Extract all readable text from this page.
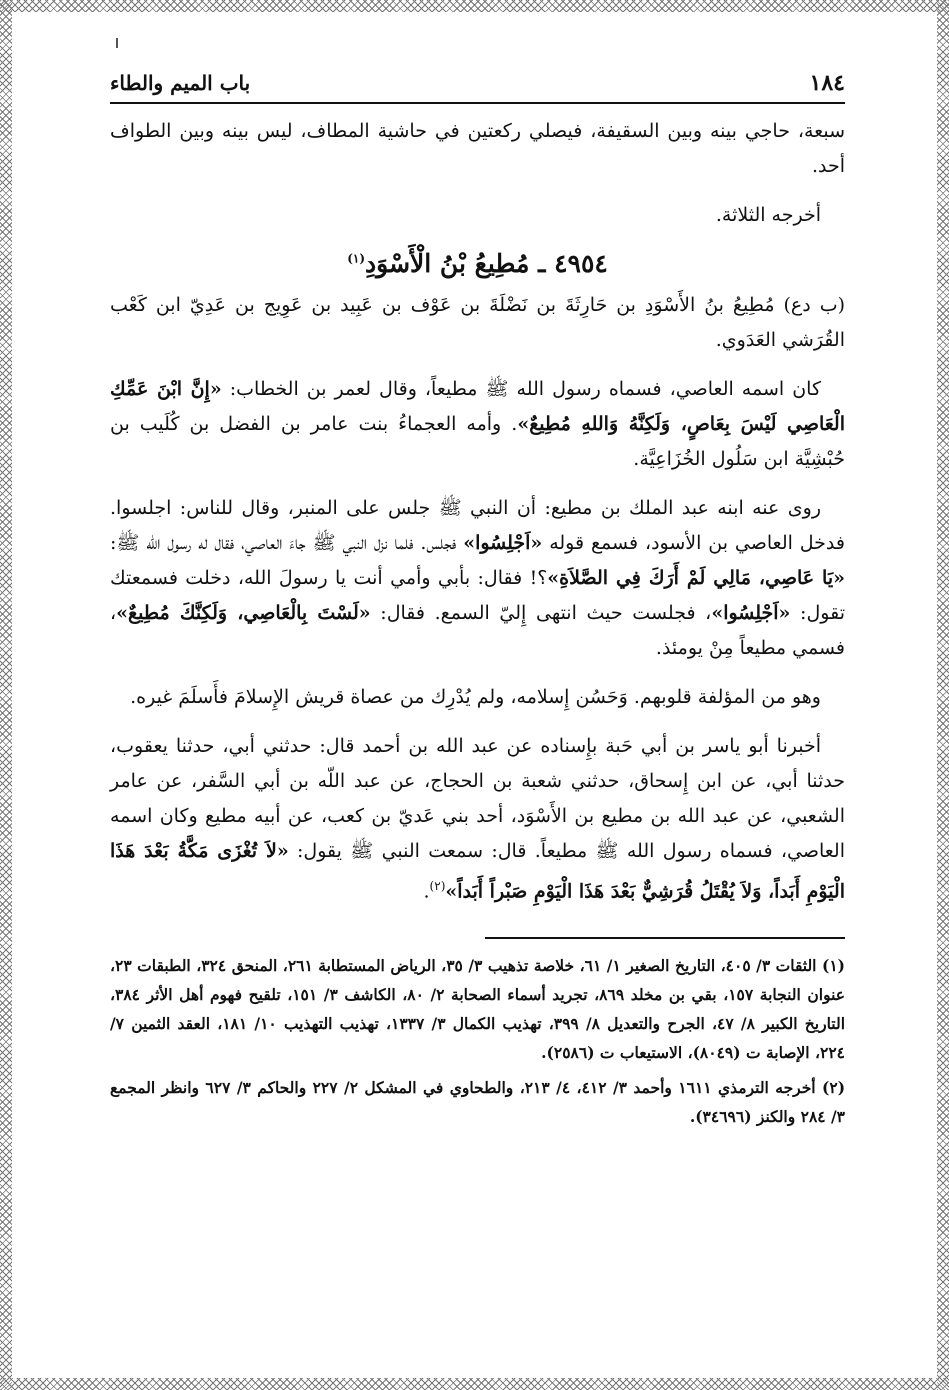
١٨٤
باب الميم والطاء

سبعة، حاجي بينه وبين السقيفة، فيصلي ركعتين في حاشية المطاف، ليس بينه وبين الطواف أحد.

أخرجه الثلاثة.

٤٩٥٤ ـ مُطِيعُ بْنُ الْأَسْوَدِ$^{(١)}$

(ب دع) مُطِيعُ بنُ الأَسْوَدِ بن حَارِثَةَ بن نَضْلَةَ بن عَوْف بن عَبِيد بن عَوِيج بن عَدِيّ ابن كَعْب القُرَشي العَدَوي.

كان اسمه العاصي، فسماه رسول الله ﷺ مطيعاً، وقال لعمر بن الخطاب: «إِنَّ ابْنَ عَمِّكِ الْعَاصِي لَيْسَ بِعَاصٍ، وَلَكِنَّهُ وَاللهِ مُطِيعٌ». وأمه العجماءُ بنت عامر بن الفضل بن كُلَيب بن حُبْشِيَّة ابن سَلُول الخُزَاعِيَّة.

روى عنه ابنه عبد الملك بن مطيع: أن النبي ﷺ جلس على المنبر، وقال للناس: اجلسوا. فدخل العاصي بن الأسود، فسمع قوله «اَجْلِسُوا» فجلس. فلما نزل النبي ﷺ جاءَ العاصي، فقال له رسول الله ﷺ: «يَا عَاصِي، مَالِي لَمْ أَرَكَ فِي الصَّلاَةِ»؟! فقال: بأبي وأمي أنت يا رسولَ الله، دخلت فسمعتك تقول: «اَجْلِسُوا»، فجلست حيث انتهى إِليّ السمع. فقال: «لَسْتَ بِالْعَاصِي، وَلَكِنَّكَ مُطِيعٌ»، فسمي مطيعاً مِنْ يومئذ.

وهو من المؤلفة قلوبهم. وَحَسُن إِسلامه، ولم يُدْرِك من عصاة قريش الإِسلامَ فأَسلَمَ غيره.

أخبرنا أبو ياسر بن أبي حَبة بإِسناده عن عبد الله بن أحمد قال: حدثني أبي، حدثنا يعقوب، حدثنا أبي، عن ابن إِسحاق، حدثني شعبة بن الحجاج، عن عبد اللّه بن أبي السَّفر، عن عامر الشعبي، عن عبد الله بن مطيع بن الأَسْوَد، أحد بني عَديّ بن كعب، عن أبيه مطيع وكان اسمه العاصي، فسماه رسول الله ﷺ مطيعاً. قال: سمعت النبي ﷺ يقول: «لاَ تُغْزَى مَكَّةُ بَعْدَ هَذَا الْيَوْمِ أَبَداً، وَلاَ يُقْتَلُ قُرَشِيٌّ بَعْدَ هَذَا الْيَوْمِ صَبْراً أَبَداً»$^{(٢)}$.

(١) الثقات ٣/ ٤٠٥، التاريخ الصغير ١/ ٦١، خلاصة تذهيب ٣/ ٣٥، الرياض المستطابة ٢٦١، المنحق ٣٢٤، الطبقات ٢٣، عنوان النجابة ١٥٧، بقي بن مخلد ٨٦٩، تجريد أسماء الصحابة ٢/ ٨٠، الكاشف ٣/ ١٥١، تلقيح فهوم أهل الأثر ٣٨٤، التاريخ الكبير ٨/ ٤٧، الجرح والتعديل ٨/ ٣٩٩، تهذيب الكمال ٣/ ١٣٣٧، تهذيب التهذيب ١٠/ ١٨١، العقد الثمين ٧/ ٢٢٤، الإصابة ت (٨٠٤٩)، الاستيعاب ت (٢٥٨٦).

(٢) أخرجه الترمذي ١٦١١ وأحمد ٣/ ٤١٢، ٤/ ٢١٣، والطحاوي في المشكل ٢/ ٢٢٧ والحاكم ٣/ ٦٢٧ وانظر المجمع ٣/ ٢٨٤ والكنز (٣٤٦٩٦).
